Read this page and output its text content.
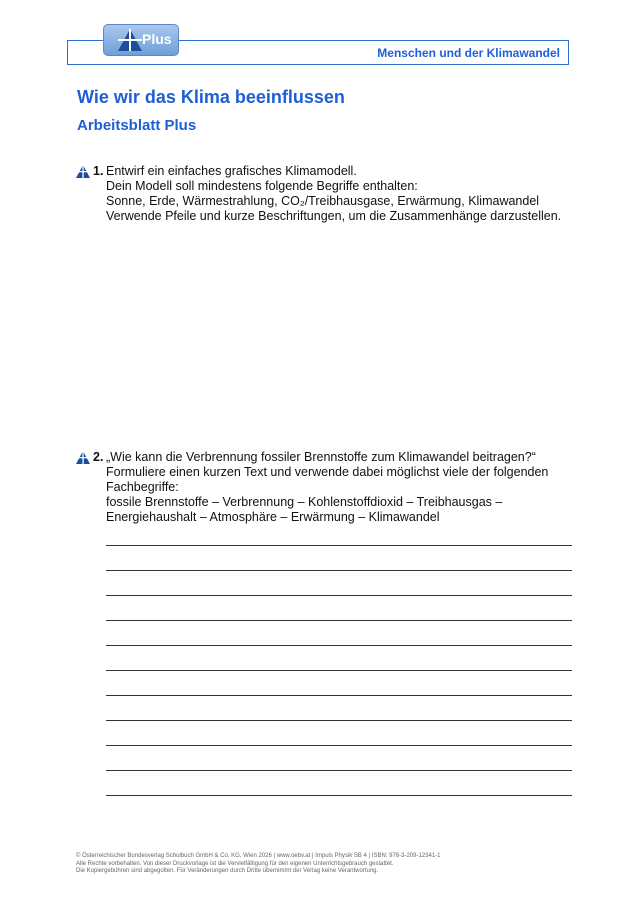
Menschen und der Klimawandel
Plus
Wie wir das Klima beeinflussen
Arbeitsblatt Plus
1. Entwirf ein einfaches grafisches Klimamodell.
Dein Modell soll mindestens folgende Begriffe enthalten:
Sonne, Erde, Wärmestrahlung, CO₂/Treibhausgase, Erwärmung, Klimawandel
Verwende Pfeile und kurze Beschriftungen, um die Zusammenhänge darzustellen.
2. „Wie kann die Verbrennung fossiler Brennstoffe zum Klimawandel beitragen?“
Formuliere einen kurzen Text und verwende dabei möglichst viele der folgenden
Fachbegriffe:
fossile Brennstoffe – Verbrennung – Kohlenstoffdioxid – Treibhausgas –
Energiehaushalt – Atmosphäre – Erwärmung – Klimawandel
© Österreichischer Bundesverlag Schulbuch GmbH & Co. KG, Wien 2026 | www.oebv.at | Impuls Physik SB 4 | ISBN: 978-3-209-12341-1
Alle Rechte vorbehalten. Von dieser Druckvorlage ist die Vervielfältigung für den eigenen Unterrichtsgebrauch gestattet.
Die Kopiergebühren sind abgegolten. Für Veränderungen durch Dritte übernimmt der Verlag keine Verantwortung.
